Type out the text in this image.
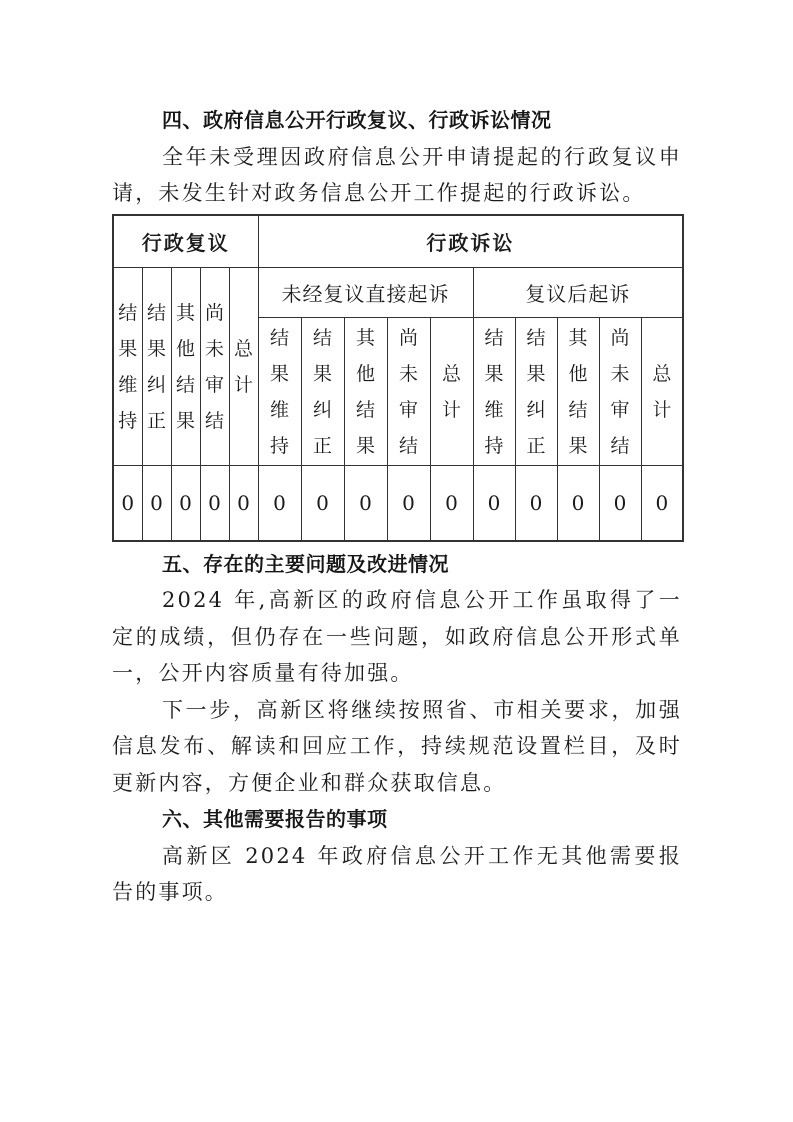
四、政府信息公开行政复议、行政诉讼情况

全年未受理因政府信息公开申请提起的行政复议申请，未发生针对政务信息公开工作提起的行政诉讼。

行政复议					行政诉讼									
结果维持	结果纠正	其他结果	尚未审结	总计	未经复议直接起诉					复议后起诉				
					结果维持	结果纠正	其他结果	尚未审结	总计	结果维持	结果纠正	其他结果	尚未审结	总计
0	0	0	0	0	0	0	0	0	0	0	0	0	0	0
五、存在的主要问题及改进情况

2024 年,高新区的政府信息公开工作虽取得了一定的成绩，但仍存在一些问题，如政府信息公开形式单一，公开内容质量有待加强。

下一步，高新区将继续按照省、市相关要求，加强信息发布、解读和回应工作，持续规范设置栏目，及时更新内容，方便企业和群众获取信息。

六、其他需要报告的事项

高新区 2024 年政府信息公开工作无其他需要报告的事项。
